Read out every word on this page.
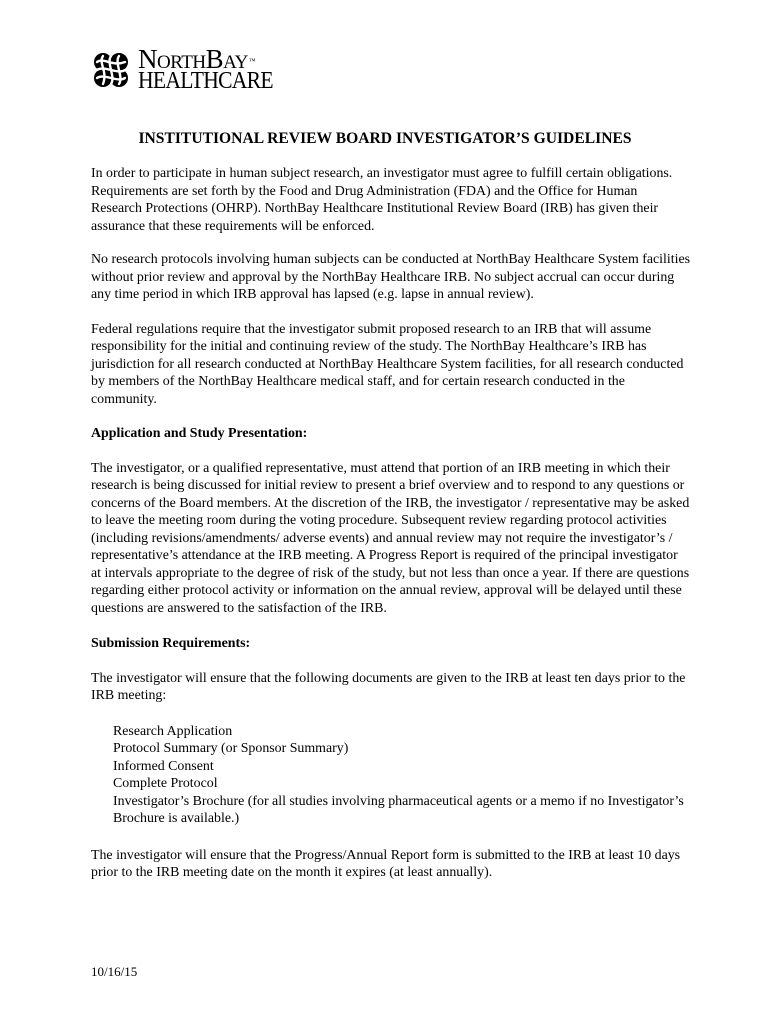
NorthBay™
HEALTHCARE
INSTITUTIONAL REVIEW BOARD INVESTIGATOR’S GUIDELINES

In order to participate in human subject research, an investigator must agree to fulfill certain obligations. Requirements are set forth by the Food and Drug Administration (FDA) and the Office for Human Research Protections (OHRP). NorthBay Healthcare Institutional Review Board (IRB) has given their assurance that these requirements will be enforced.

No research protocols involving human subjects can be conducted at NorthBay Healthcare System facilities without prior review and approval by the NorthBay Healthcare IRB. No subject accrual can occur during any time period in which IRB approval has lapsed (e.g. lapse in annual review).

Federal regulations require that the investigator submit proposed research to an IRB that will assume responsibility for the initial and continuing review of the study. The NorthBay Healthcare’s IRB has jurisdiction for all research conducted at NorthBay Healthcare System facilities, for all research conducted by members of the NorthBay Healthcare medical staff, and for certain research conducted in the community.

Application and Study Presentation:

The investigator, or a qualified representative, must attend that portion of an IRB meeting in which their research is being discussed for initial review to present a brief overview and to respond to any questions or concerns of the Board members. At the discretion of the IRB, the investigator / representative may be asked to leave the meeting room during the voting procedure. Subsequent review regarding protocol activities (including revisions/amendments/ adverse events) and annual review may not require the investigator’s / representative’s attendance at the IRB meeting. A Progress Report is required of the principal investigator at intervals appropriate to the degree of risk of the study, but not less than once a year. If there are questions regarding either protocol activity or information on the annual review, approval will be delayed until these questions are answered to the satisfaction of the IRB.

Submission Requirements:

The investigator will ensure that the following documents are given to the IRB at least ten days prior to the IRB meeting:

Research Application
Protocol Summary (or Sponsor Summary)
Informed Consent
Complete Protocol
Investigator’s Brochure (for all studies involving pharmaceutical agents or a memo if no Investigator’s Brochure is available.)

The investigator will ensure that the Progress/Annual Report form is submitted to the IRB at least 10 days prior to the IRB meeting date on the month it expires (at least annually).

10/16/15
